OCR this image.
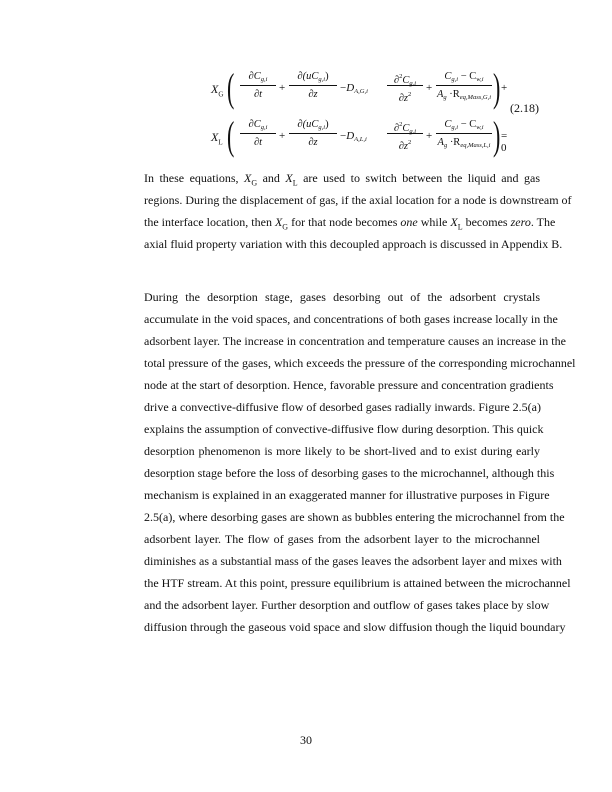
$X_G$ (	$\partial C_{g,i}$
∂t
+
$\partial(uC_{g,i})$
∂z
$-D_{A,G,i}$
$\partial^2C_{g,i}$
$\partial z^2$
+
$C_{g,i} - C_{w,i}$
$A_g \cdot R_{eq,Mass,G,i}$ ) +
$X_L$ (	$\partial C_{g,i}$
∂t
+
$\partial(uC_{g,i})$
∂z
$-D_{A,L,i}$
$\partial^2C_{g,i}$
$\partial z^2$
+
$C_{g,i} - C_{w,i}$
$A_g \cdot R_{eq,Mass,L,i}$ ) = 0
(2.18)
In these equations, $X_G$ and $X_L$ are used to switch between the liquid and gas
regions. During the displacement of gas, if the axial location for a node is downstream of
the interface location, then $X_G$ for that node becomes one while $X_L$ becomes zero. The
axial fluid property variation with this decoupled approach is discussed in Appendix B.
During the desorption stage, gases desorbing out of the adsorbent crystals
accumulate in the void spaces, and concentrations of both gases increase locally in the
adsorbent layer. The increase in concentration and temperature causes an increase in the
total pressure of the gases, which exceeds the pressure of the corresponding microchannel
node at the start of desorption. Hence, favorable pressure and concentration gradients
drive a convective-diffusive flow of desorbed gases radially inwards. Figure 2.5(a)
explains the assumption of convective-diffusive flow during desorption. This quick
desorption phenomenon is more likely to be short-lived and to exist during early
desorption stage before the loss of desorbing gases to the microchannel, although this
mechanism is explained in an exaggerated manner for illustrative purposes in Figure
2.5(a), where desorbing gases are shown as bubbles entering the microchannel from the
adsorbent layer. The flow of gases from the adsorbent layer to the microchannel
diminishes as a substantial mass of the gases leaves the adsorbent layer and mixes with
the HTF stream. At this point, pressure equilibrium is attained between the microchannel
and the adsorbent layer. Further desorption and outflow of gases takes place by slow
diffusion through the gaseous void space and slow diffusion though the liquid boundary
30
